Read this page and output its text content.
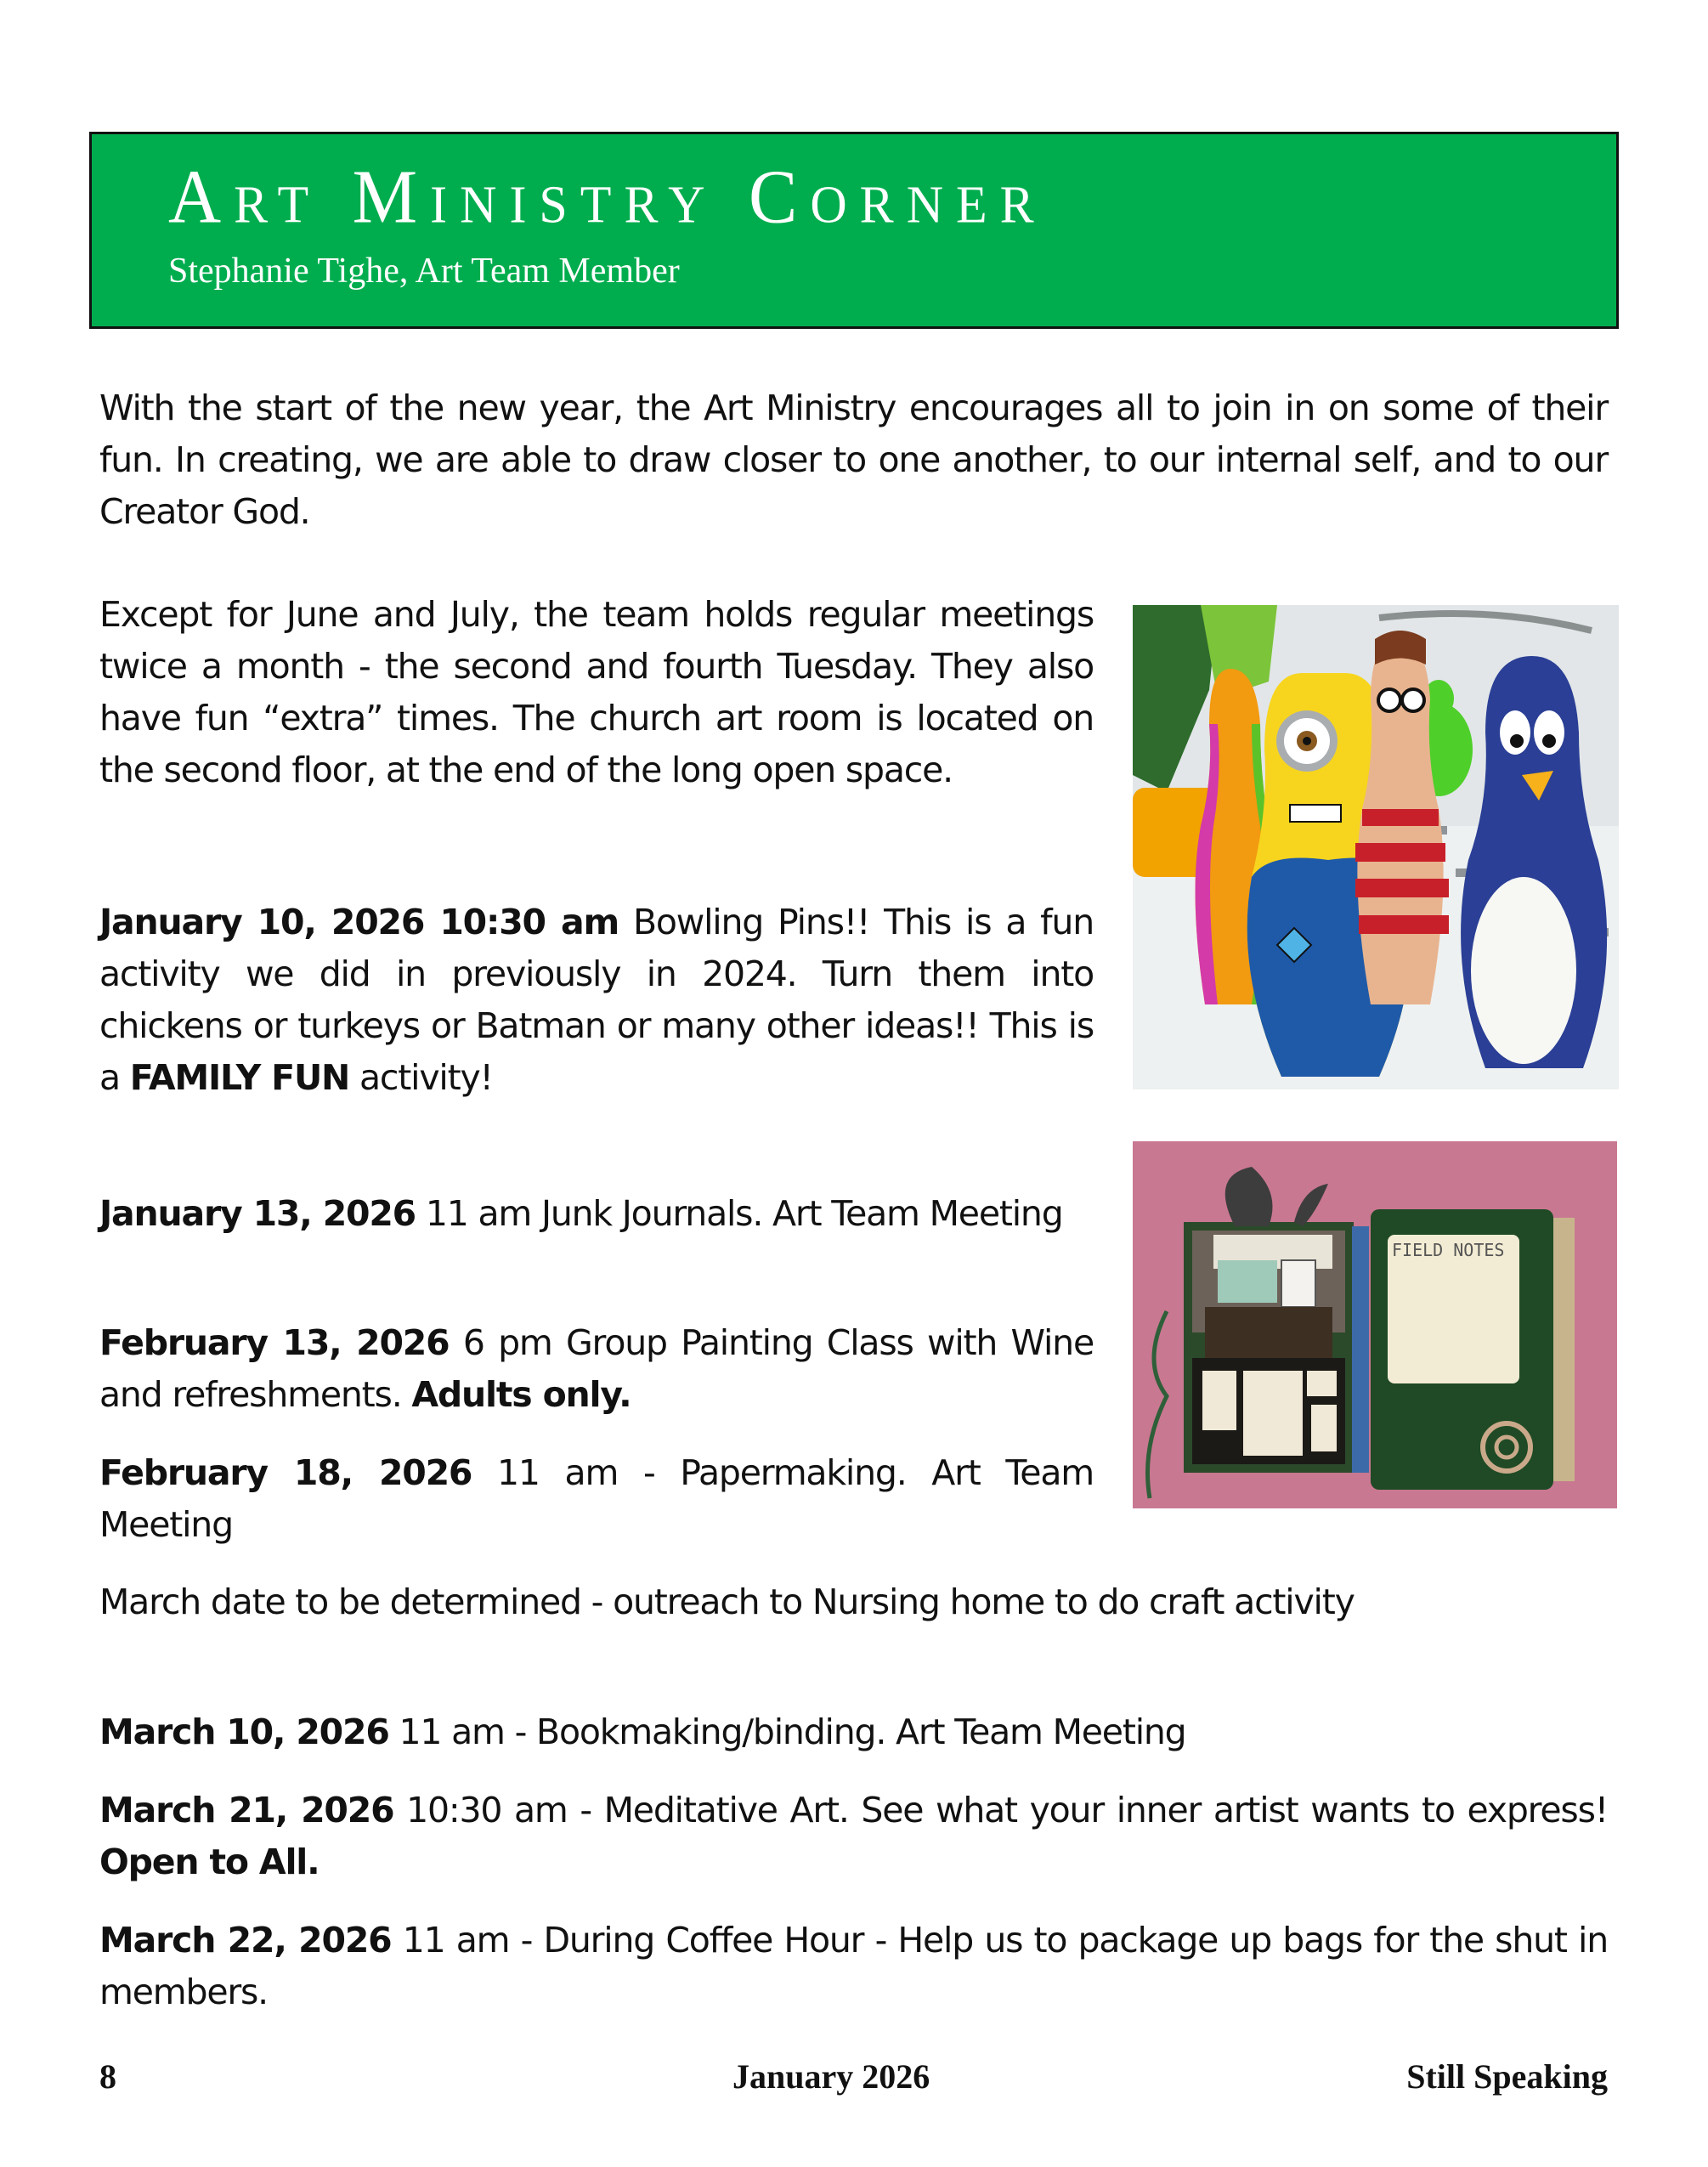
Art Ministry Corner
Stephanie Tighe, Art Team Member

With the start of the new year, the Art Ministry encourages all to join in on some of their fun. In creating, we are able to draw closer to one another, to our internal self, and to our Creator God.

Except for June and July, the team holds regular meetings twice a month - the second and fourth Tuesday. They also have fun “extra” times. The church art room is located on the second floor, at the end of the long open space.

January 10, 2026 10:30 am Bowling Pins!! This is a fun activity we did in previously in 2024. Turn them into chickens or turkeys or Batman or many other ideas!! This is a FAMILY FUN activity!

January 13, 2026 11 am Junk Journals. Art Team Meeting

February 13, 2026 6 pm Group Painting Class with Wine and refreshments. Adults only.

February 18, 2026 11 am - Papermaking. Art Team Meeting

March date to be determined - outreach to Nursing home to do craft activity

March 10, 2026 11 am - Bookmaking/binding. Art Team Meeting

March 21, 2026 10:30 am - Meditative Art. See what your inner artist wants to express! Open to All.

March 22, 2026 11 am - During Coffee Hour - Help us to package up bags for the shut in members.

FIELD NOTES
8	January 2026	Still Speaking
